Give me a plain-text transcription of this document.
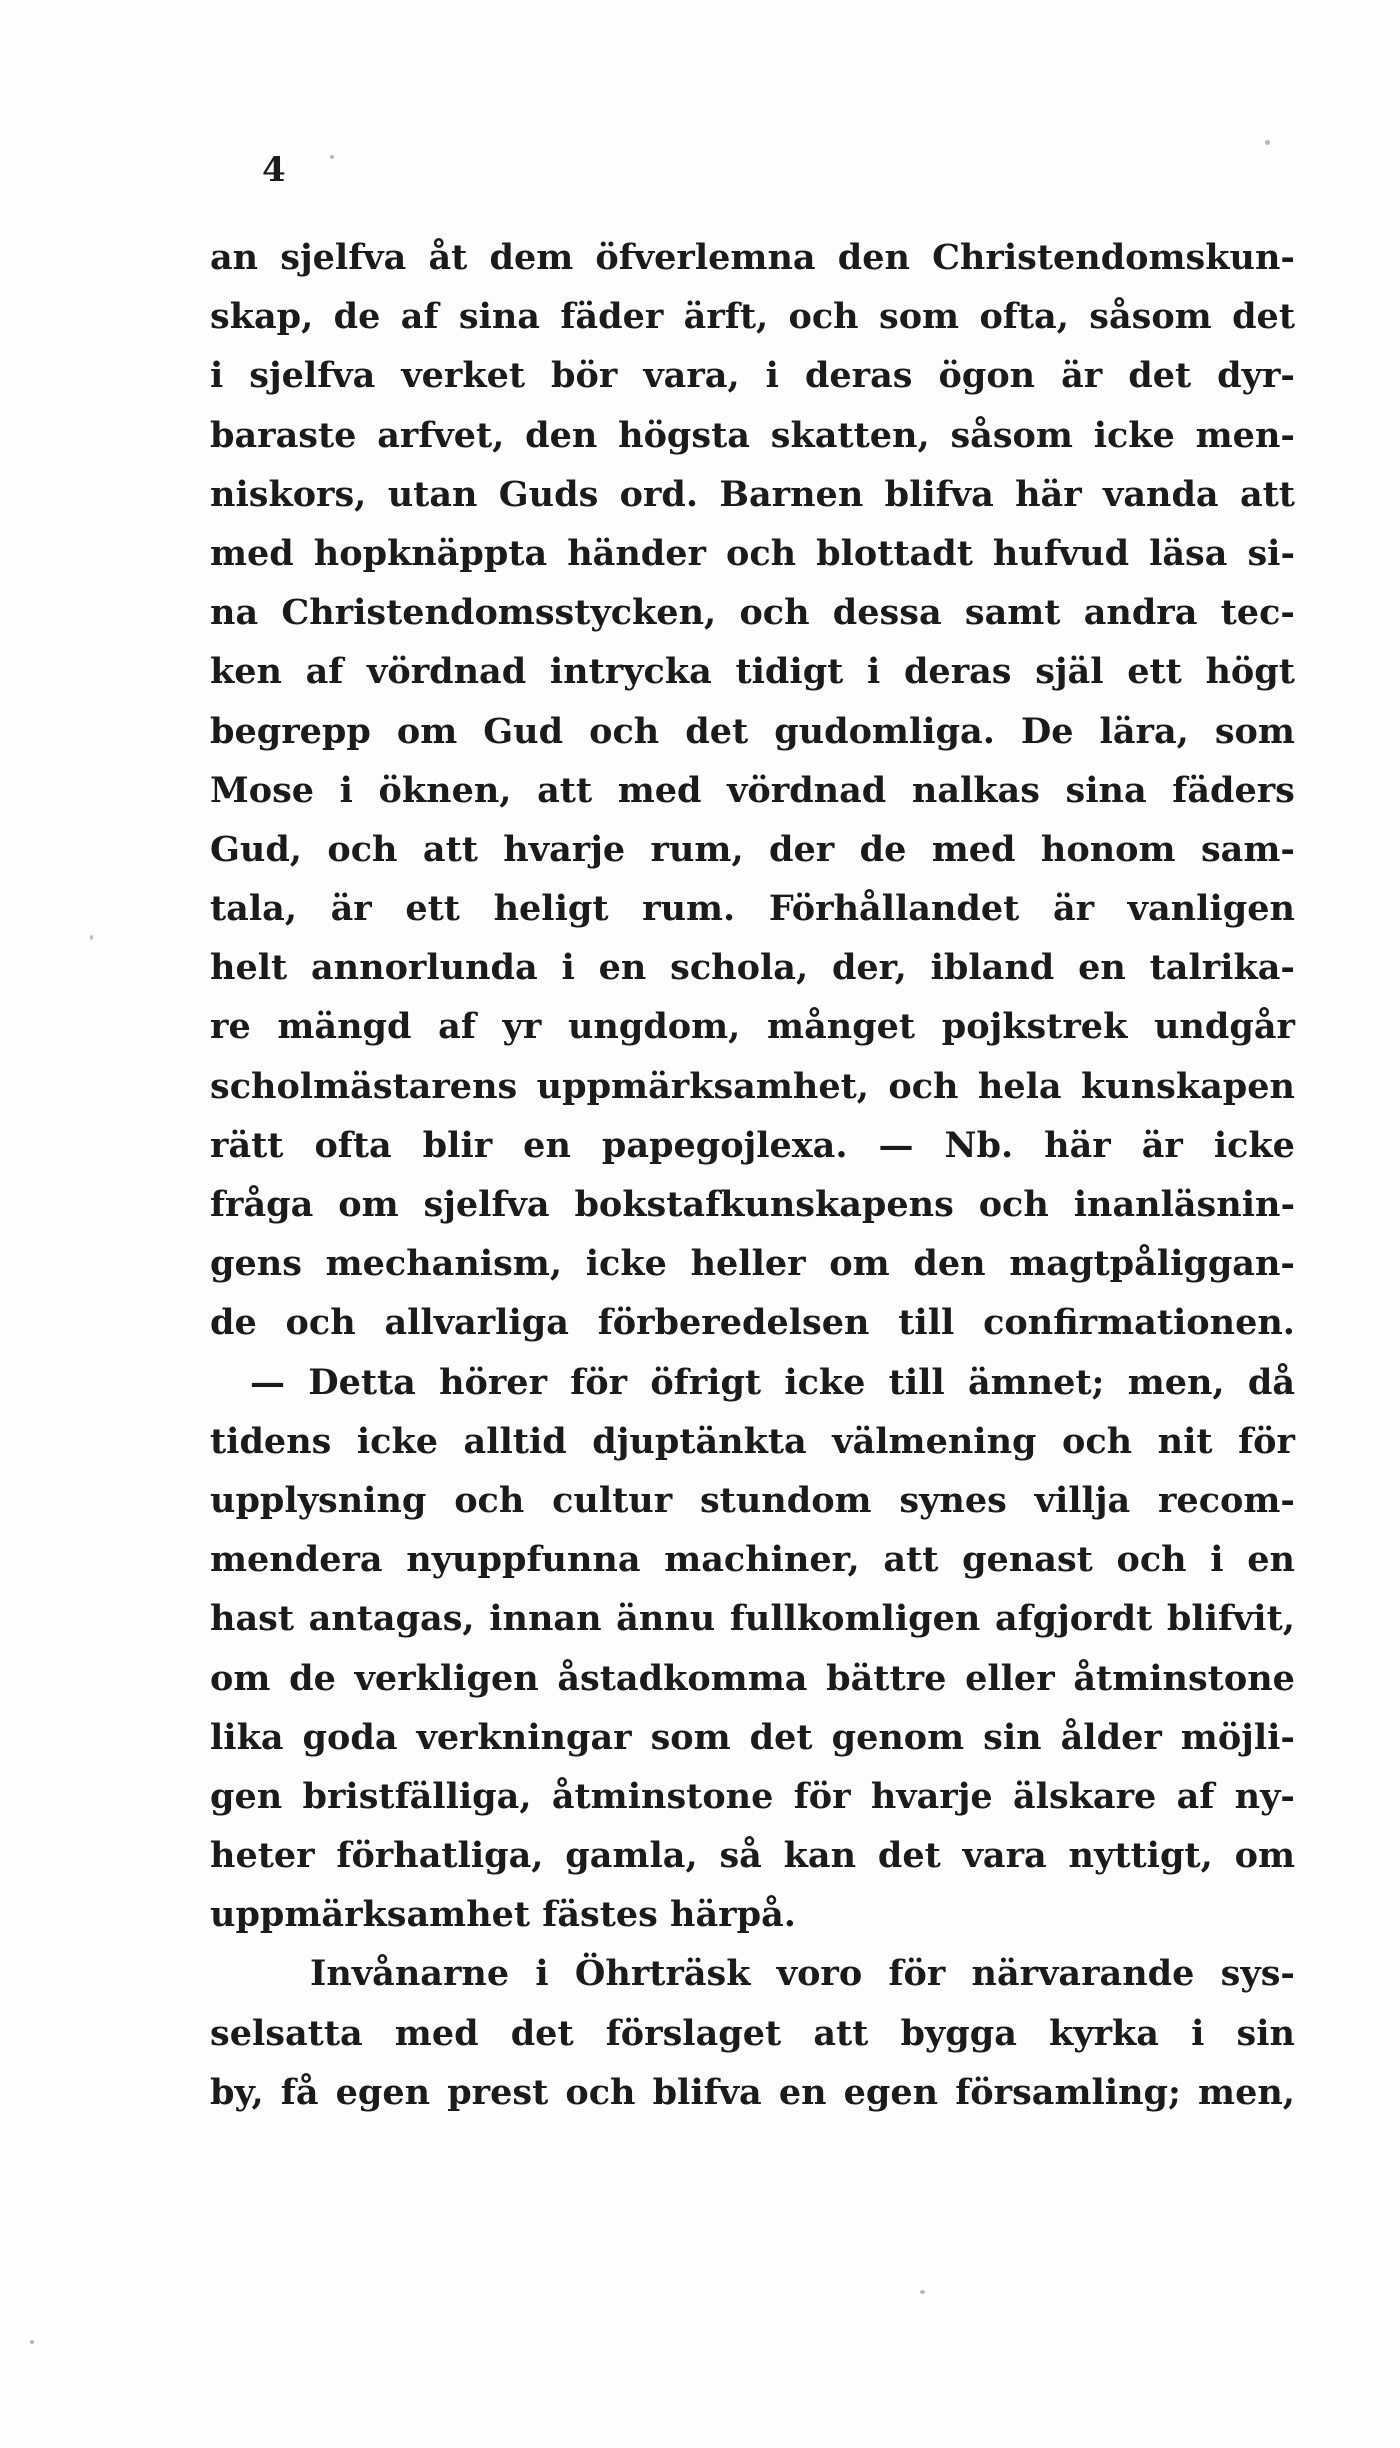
4
an sjelfva åt dem öfverlemna den Christendomskun-
skap, de af sina fäder ärft, och som ofta, såsom det
i sjelfva verket bör vara, i deras ögon är det dyr-
baraste arfvet, den högsta skatten, såsom icke men-
niskors, utan Guds ord. Barnen blifva här vanda att
med hopknäppta händer och blottadt hufvud läsa si-
na Christendomsstycken, och dessa samt andra tec-
ken af vördnad intrycka tidigt i deras själ ett högt
begrepp om Gud och det gudomliga. De lära, som
Mose i öknen, att med vördnad nalkas sina fäders
Gud, och att hvarje rum, der de med honom sam-
tala, är ett heligt rum. Förhållandet är vanligen
helt annorlunda i en schola, der, ibland en talrika-
re mängd af yr ungdom, månget pojkstrek undgår
scholmästarens uppmärksamhet, och hela kunskapen
rätt ofta blir en papegojlexa. — Nb. här är icke
fråga om sjelfva bokstafkunskapens och inanläsnin-
gens mechanism, icke heller om den magtpåliggan-
de och allvarliga förberedelsen till confirmationen.
— Detta hörer för öfrigt icke till ämnet; men, då
tidens icke alltid djuptänkta välmening och nit för
upplysning och cultur stundom synes villja recom-
mendera nyuppfunna machiner, att genast och i en
hast antagas, innan ännu fullkomligen afgjordt blifvit,
om de verkligen åstadkomma bättre eller åtminstone
lika goda verkningar som det genom sin ålder möjli-
gen bristfälliga, åtminstone för hvarje älskare af ny-
heter förhatliga, gamla, så kan det vara nyttigt, om
uppmärksamhet fästes härpå.
Invånarne i Öhrträsk voro för närvarande sys-
selsatta med det förslaget att bygga kyrka i sin
by, få egen prest och blifva en egen församling; men,
